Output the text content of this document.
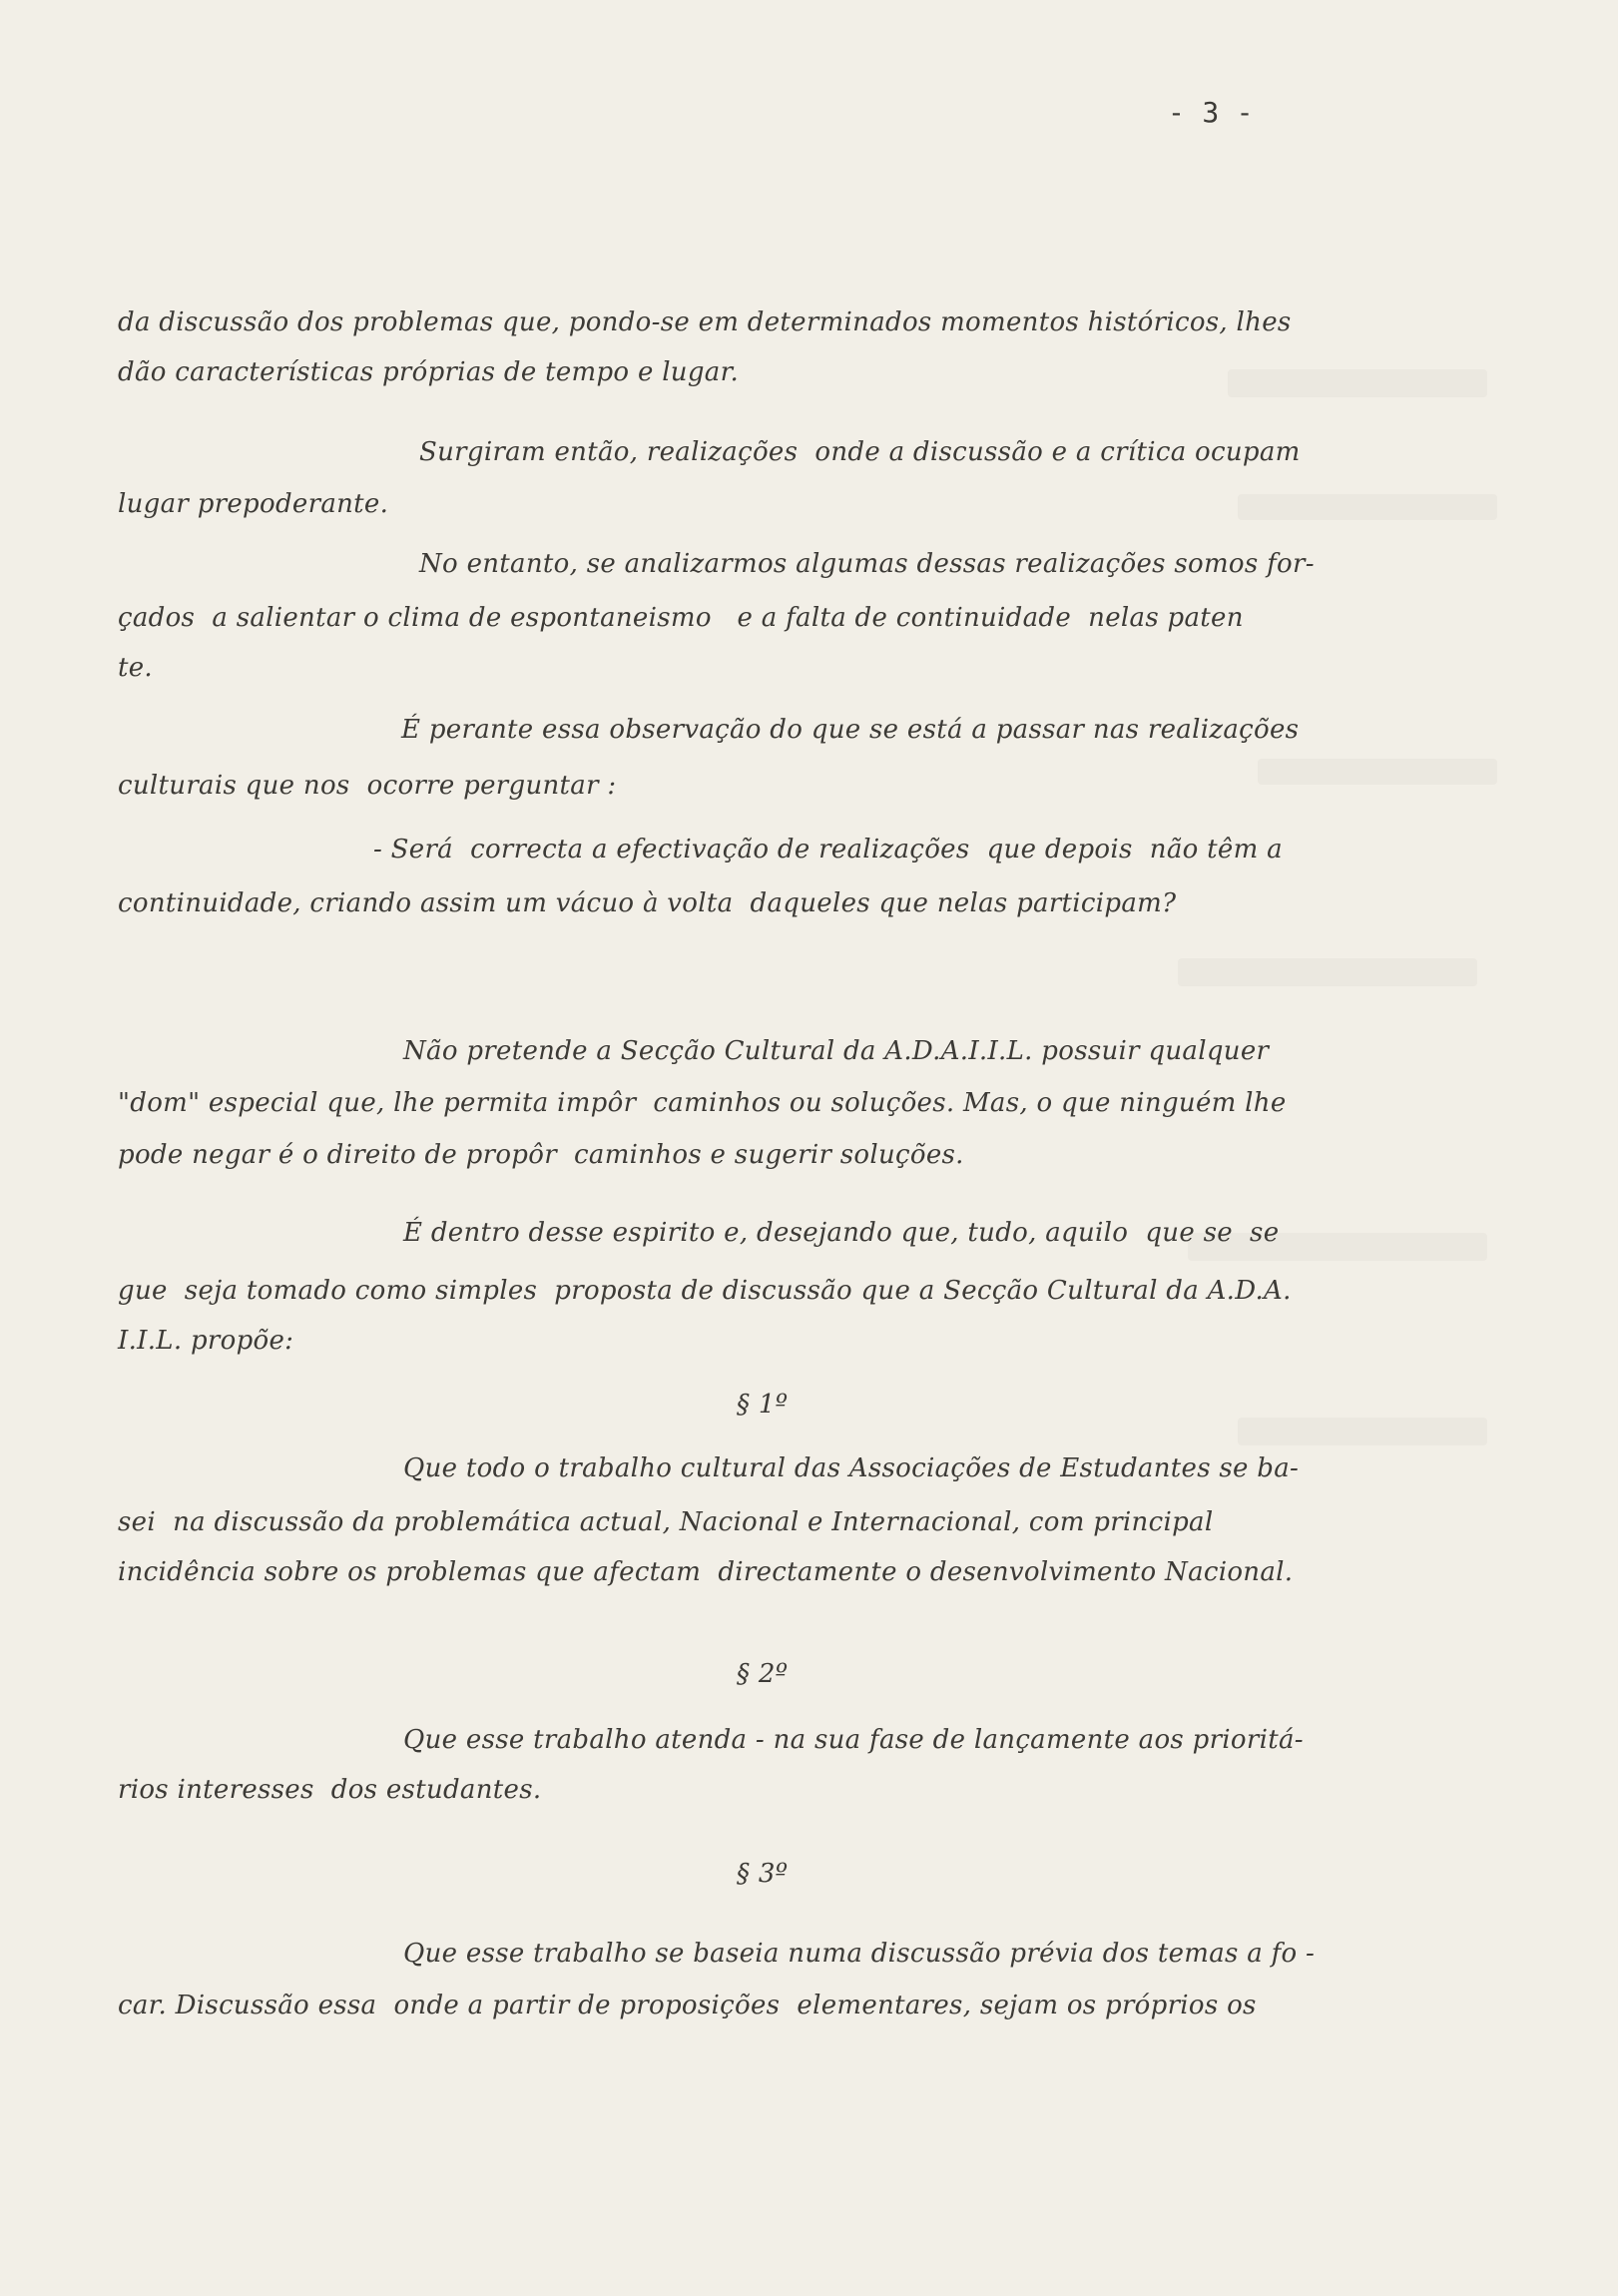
- 3 -
da discussão dos problemas que, pondo-se em determinados momentos históricos, lhes
dão características próprias de tempo e lugar.
Surgiram então, realizações  onde a discussão e a crítica ocupam
lugar prepoderante.
No entanto, se analizarmos algumas dessas realizações somos for-
çados  a salientar o clima de espontaneismo   e a falta de continuidade  nelas paten
te.
É perante essa observação do que se está a passar nas realizações
culturais que nos  ocorre perguntar :
- Será  correcta a efectivação de realizações  que depois  não têm a
continuidade, criando assim um vácuo à volta  daqueles que nelas participam?
Não pretende a Secção Cultural da A.D.A.I.I.L. possuir qualquer
"dom" especial que, lhe permita impôr  caminhos ou soluções. Mas, o que ninguém lhe
pode negar é o direito de propôr  caminhos e sugerir soluções.
É dentro desse espirito e, desejando que, tudo, aquilo  que se  se
gue  seja tomado como simples  proposta de discussão que a Secção Cultural da A.D.A.
I.I.L. propõe:
§ 1º
Que todo o trabalho cultural das Associações de Estudantes se ba-
sei  na discussão da problemática actual, Nacional e Internacional, com principal
incidência sobre os problemas que afectam  directamente o desenvolvimento Nacional.
§ 2º
Que esse trabalho atenda - na sua fase de lançamente aos prioritá-
rios interesses  dos estudantes.
§ 3º
Que esse trabalho se baseia numa discussão prévia dos temas a fo -
car. Discussão essa  onde a partir de proposições  elementares, sejam os próprios os
